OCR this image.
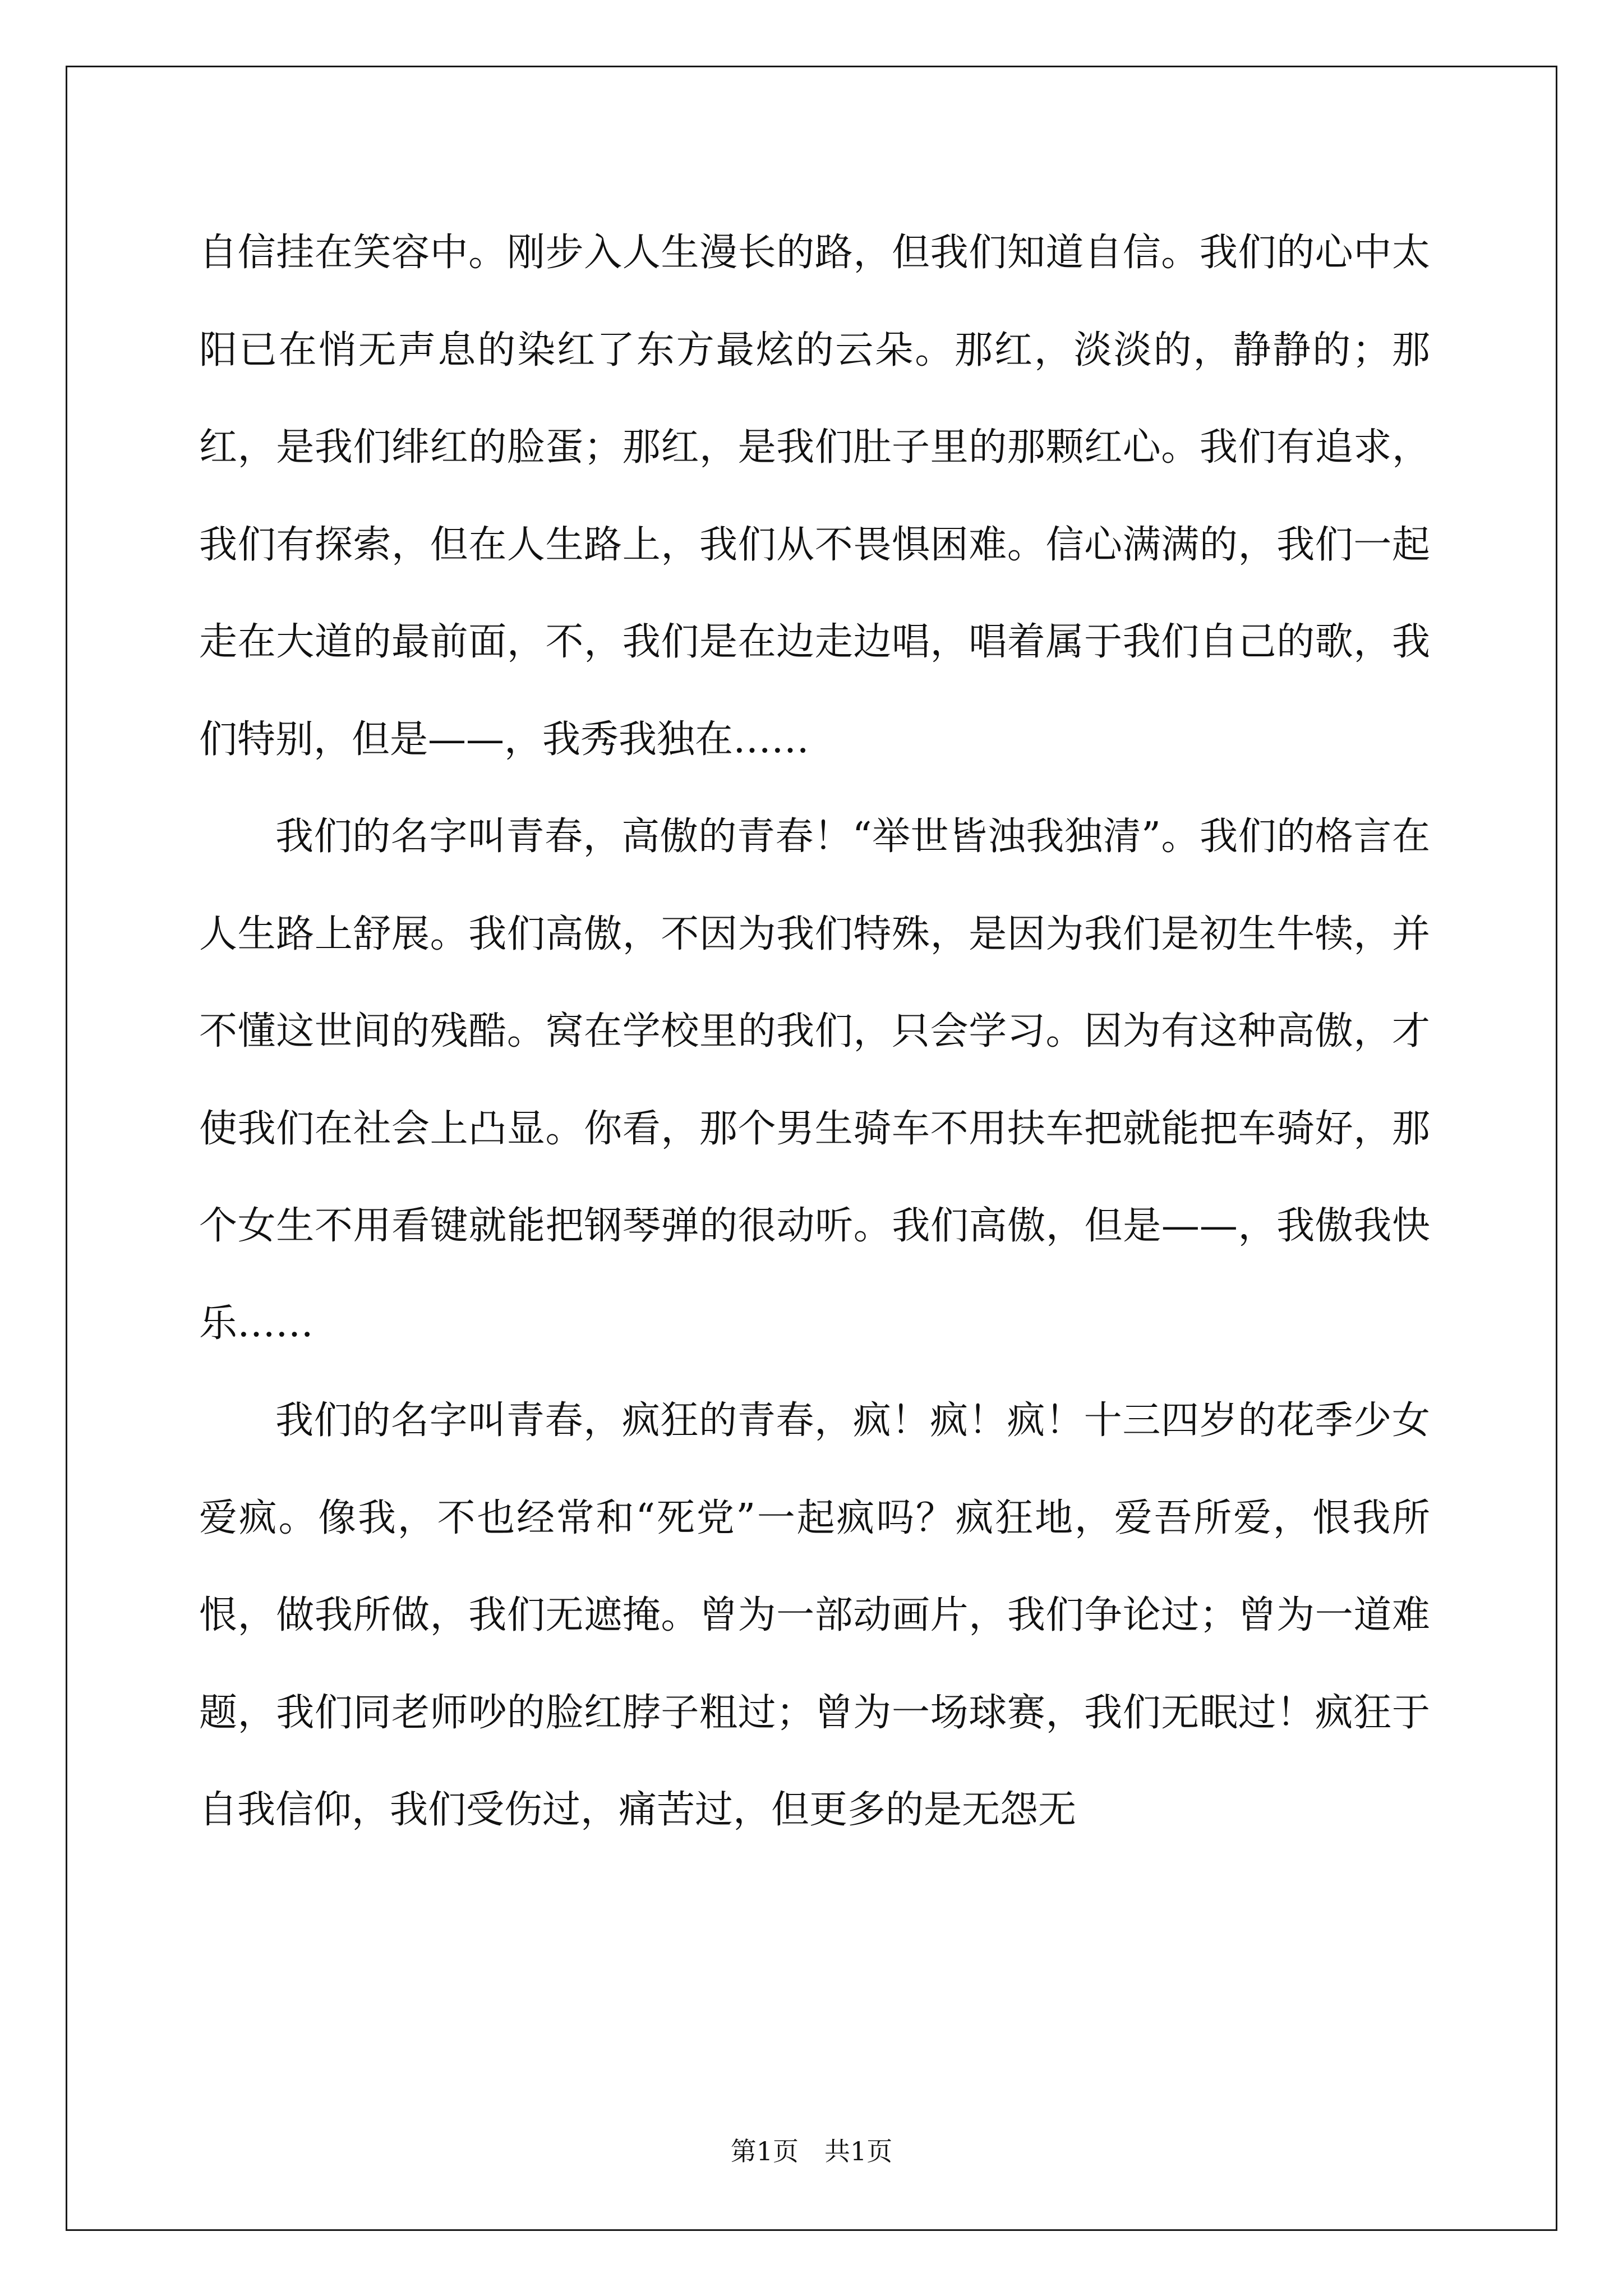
自信挂在笑容中。刚步入人生漫长的路，但我们知道自信。我们的心中太阳已在悄无声息的染红了东方最炫的云朵。那红，淡淡的，静静的；那红，是我们绯红的脸蛋；那红，是我们肚子里的那颗红心。我们有追求，我们有探索，但在人生路上，我们从不畏惧困难。信心满满的，我们一起走在大道的最前面，不，我们是在边走边唱，唱着属于我们自己的歌，我们特别，但是——，我秀我独在……

我们的名字叫青春，高傲的青春！“举世皆浊我独清”。我们的格言在人生路上舒展。我们高傲，不因为我们特殊，是因为我们是初生牛犊，并不懂这世间的残酷。窝在学校里的我们，只会学习。因为有这种高傲，才使我们在社会上凸显。你看，那个男生骑车不用扶车把就能把车骑好，那个女生不用看键就能把钢琴弹的很动听。我们高傲，但是——，我傲我快乐……

我们的名字叫青春，疯狂的青春，疯！疯！疯！十三四岁的花季少女爱疯。像我，不也经常和“死党”一起疯吗？疯狂地，爱吾所爱，恨我所恨，做我所做，我们无遮掩。曾为一部动画片，我们争论过；曾为一道难题，我们同老师吵的脸红脖子粗过；曾为一场球赛，我们无眠过！疯狂于自我信仰，我们受伤过，痛苦过，但更多的是无怨无

第1页 共1页
